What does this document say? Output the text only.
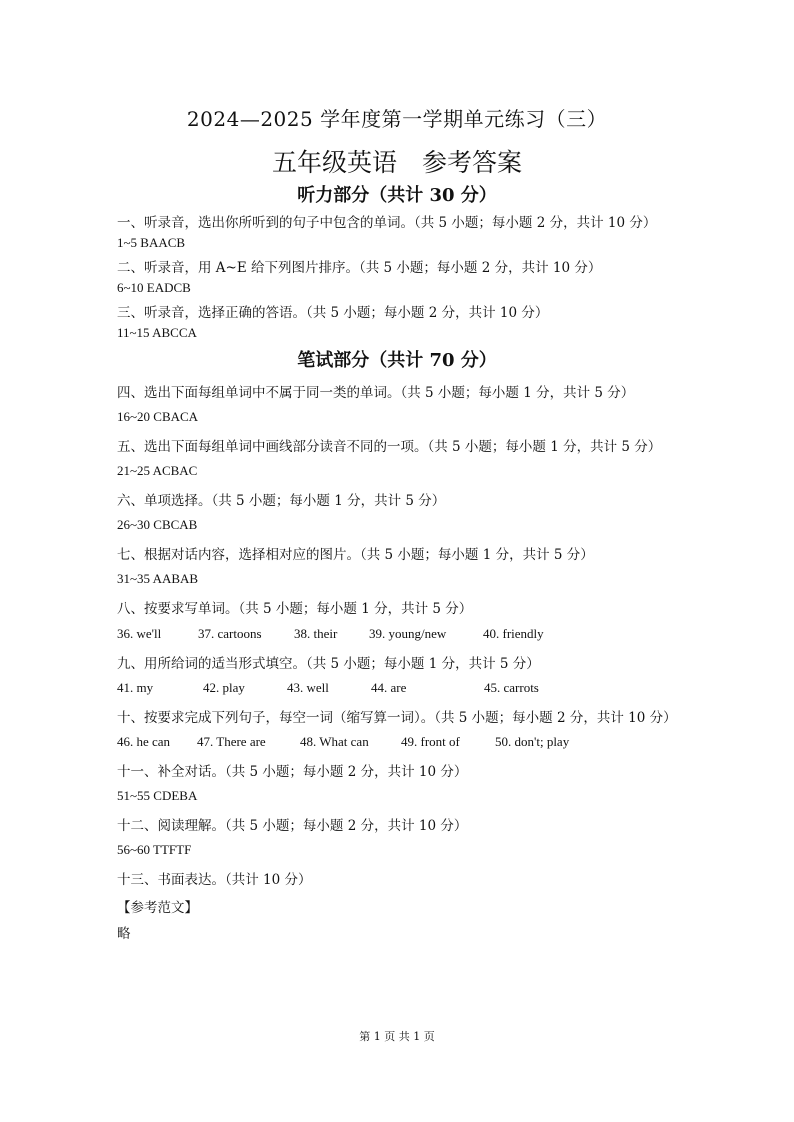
2024—2025 学年度第一学期单元练习（三）
五年级英语　参考答案
听力部分（共计 30 分）
一、听录音，选出你所听到的句子中包含的单词。（共 5 小题；每小题 2 分，共计 10 分）
1~5 BAACB
二、听录音，用 A~E 给下列图片排序。（共 5 小题；每小题 2 分，共计 10 分）
6~10 EADCB
三、听录音，选择正确的答语。（共 5 小题；每小题 2 分，共计 10 分）
11~15 ABCCA
笔试部分（共计 70 分）
四、选出下面每组单词中不属于同一类的单词。（共 5 小题；每小题 1 分，共计 5 分）
16~20 CBACA
五、选出下面每组单词中画线部分读音不同的一项。（共 5 小题；每小题 1 分，共计 5 分）
21~25 ACBAC
六、单项选择。（共 5 小题；每小题 1 分，共计 5 分）
26~30 CBCAB
七、根据对话内容，选择相对应的图片。（共 5 小题；每小题 1 分，共计 5 分）
31~35 AABAB
八、按要求写单词。（共 5 小题；每小题 1 分，共计 5 分）
36. we'll	37. cartoons 38. their 39. young/new	40. friendly
九、用所给词的适当形式填空。（共 5 小题；每小题 1 分，共计 5 分）
41. my	42. play	43. well	44. are	45. carrots
十、按要求完成下列句子，每空一词（缩写算一词）。（共 5 小题；每小题 2 分，共计 10 分）
46. he can 47. There are	48. What can 49. front of	50. don't; play
十一、补全对话。（共 5 小题；每小题 2 分，共计 10 分）
51~55 CDEBA
十二、阅读理解。（共 5 小题；每小题 2 分，共计 10 分）
56~60 TTFTF
十三、书面表达。（共计 10 分）
【参考范文】
略
第 1 页 共 1 页
